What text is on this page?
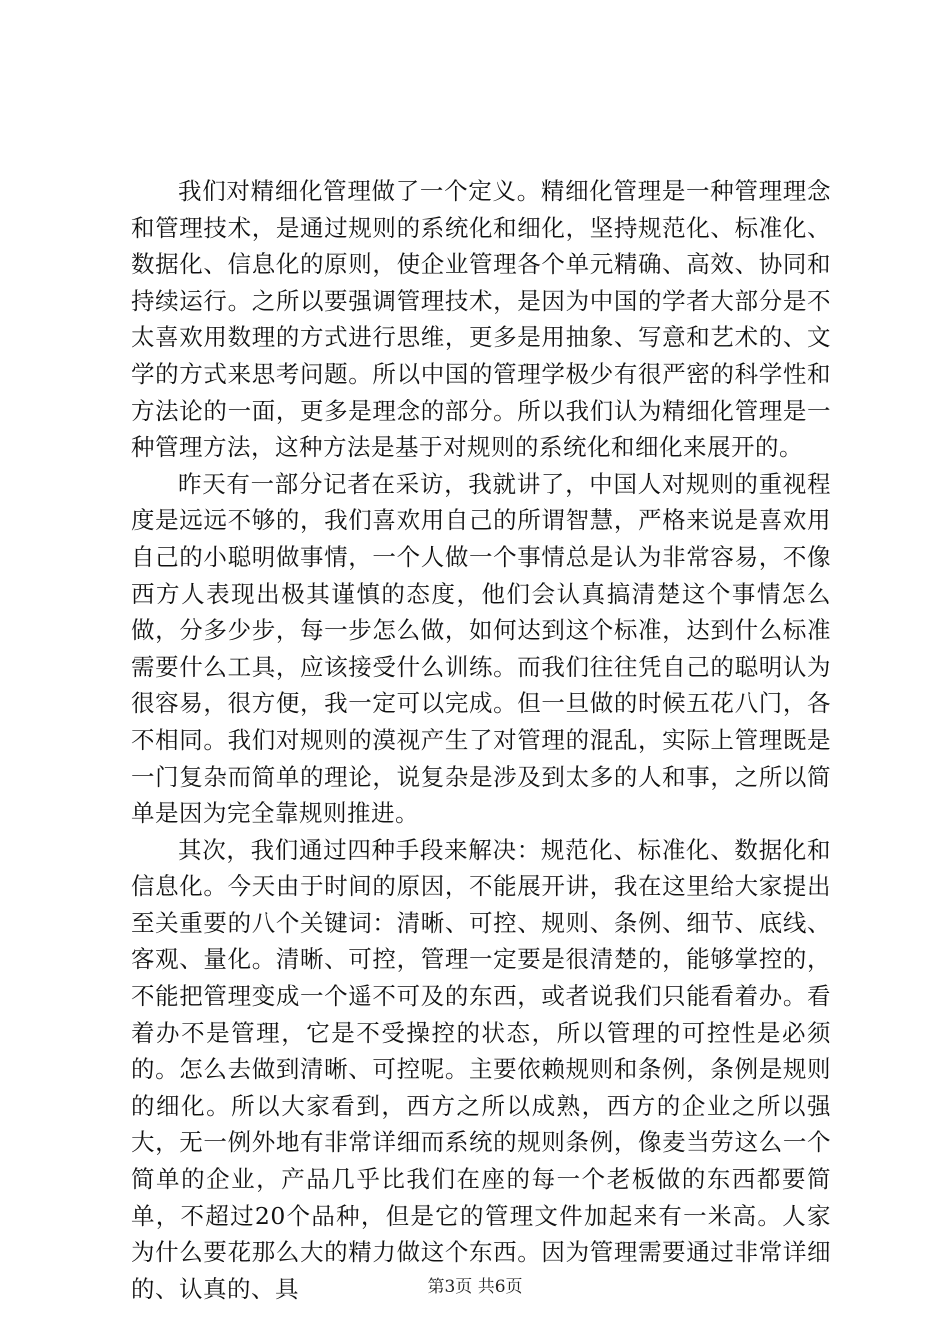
我们对精细化管理做了一个定义。精细化管理是一种管理理念和管理技术，是通过规则的系统化和细化，坚持规范化、标准化、数据化、信息化的原则，使企业管理各个单元精确、高效、协同和持续运行。之所以要强调管理技术，是因为中国的学者大部分是不太喜欢用数理的方式进行思维，更多是用抽象、写意和艺术的、文学的方式来思考问题。所以中国的管理学极少有很严密的科学性和方法论的一面，更多是理念的部分。所以我们认为精细化管理是一种管理方法，这种方法是基于对规则的系统化和细化来展开的。

昨天有一部分记者在采访，我就讲了，中国人对规则的重视程度是远远不够的，我们喜欢用自己的所谓智慧，严格来说是喜欢用自己的小聪明做事情，一个人做一个事情总是认为非常容易，不像西方人表现出极其谨慎的态度，他们会认真搞清楚这个事情怎么做，分多少步，每一步怎么做，如何达到这个标准，达到什么标准需要什么工具，应该接受什么训练。而我们往往凭自己的聪明认为很容易，很方便，我一定可以完成。但一旦做的时候五花八门，各不相同。我们对规则的漠视产生了对管理的混乱，实际上管理既是一门复杂而简单的理论，说复杂是涉及到太多的人和事，之所以简单是因为完全靠规则推进。

其次，我们通过四种手段来解决：规范化、标准化、数据化和信息化。今天由于时间的原因，不能展开讲，我在这里给大家提出至关重要的八个关键词：清晰、可控、规则、条例、细节、底线、客观、量化。清晰、可控，管理一定要是很清楚的，能够掌控的，不能把管理变成一个遥不可及的东西，或者说我们只能看着办。看着办不是管理，它是不受操控的状态，所以管理的可控性是必须的。怎么去做到清晰、可控呢。主要依赖规则和条例，条例是规则的细化。所以大家看到，西方之所以成熟，西方的企业之所以强大，无一例外地有非常详细而系统的规则条例，像麦当劳这么一个简单的企业，产品几乎比我们在座的每一个老板做的东西都要简单，不超过20个品种，但是它的管理文件加起来有一米高。人家为什么要花那么大的精力做这个东西。因为管理需要通过非常详细的、认真的、具	第3页 共6页
